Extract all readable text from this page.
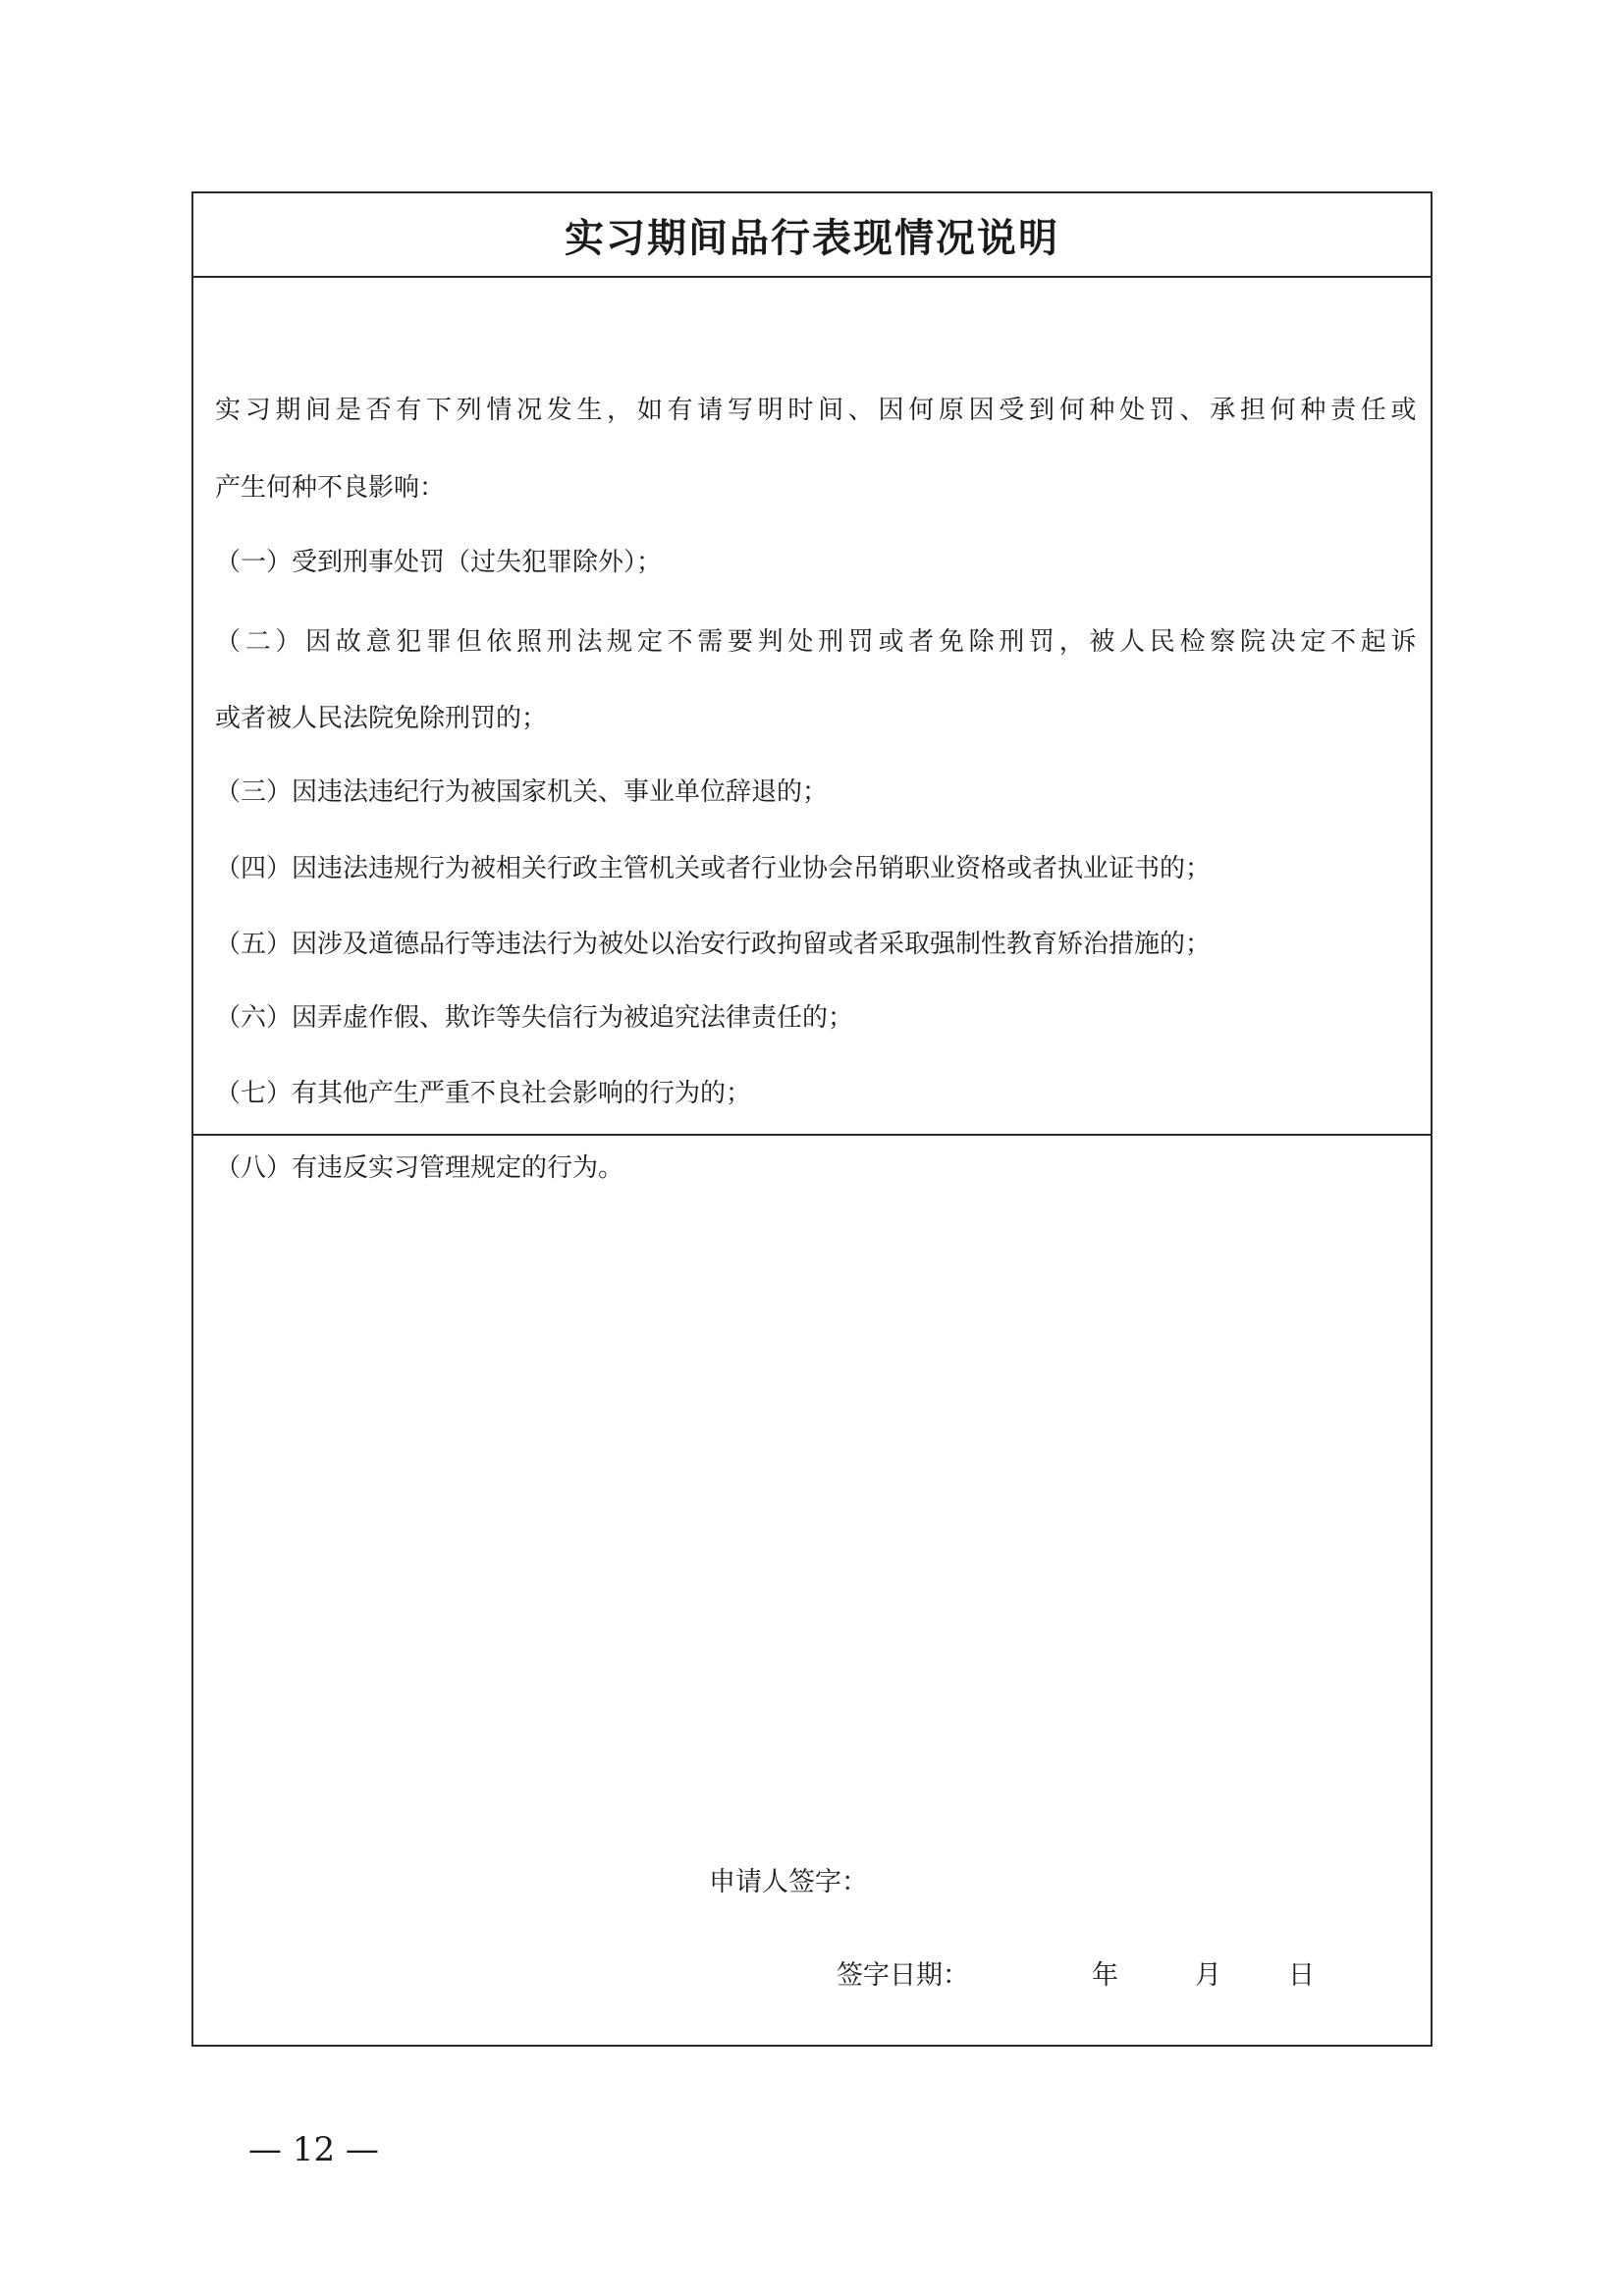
实习期间品行表现情况说明
实 习 期 间 是 否 有 下 列 情 况 发 生 ， 如 有 请 写 明 时 间 、 因 何 原 因 受 到 何 种 处 罚 、 承 担 何 种 责 任 或
产生何种不良影响：
（一）受到刑事处罚（过失犯罪除外）；
（ 二 ） 因 故 意 犯 罪 但 依 照 刑 法 规 定 不 需 要 判 处 刑 罚 或 者 免 除 刑 罚 ， 被 人 民 检 察 院 决 定 不 起 诉
或者被人民法院免除刑罚的；
（三）因违法违纪行为被国家机关、事业单位辞退的；
（四）因违法违规行为被相关行政主管机关或者行业协会吊销职业资格或者执业证书的；
（五）因涉及道德品行等违法行为被处以治安行政拘留或者采取强制性教育矫治措施的；
（六）因弄虚作假、欺诈等失信行为被追究法律责任的；
（七）有其他产生严重不良社会影响的行为的；
（八）有违反实习管理规定的行为。
申请人签字：
签字日期：	年	月	日
— 12 —
